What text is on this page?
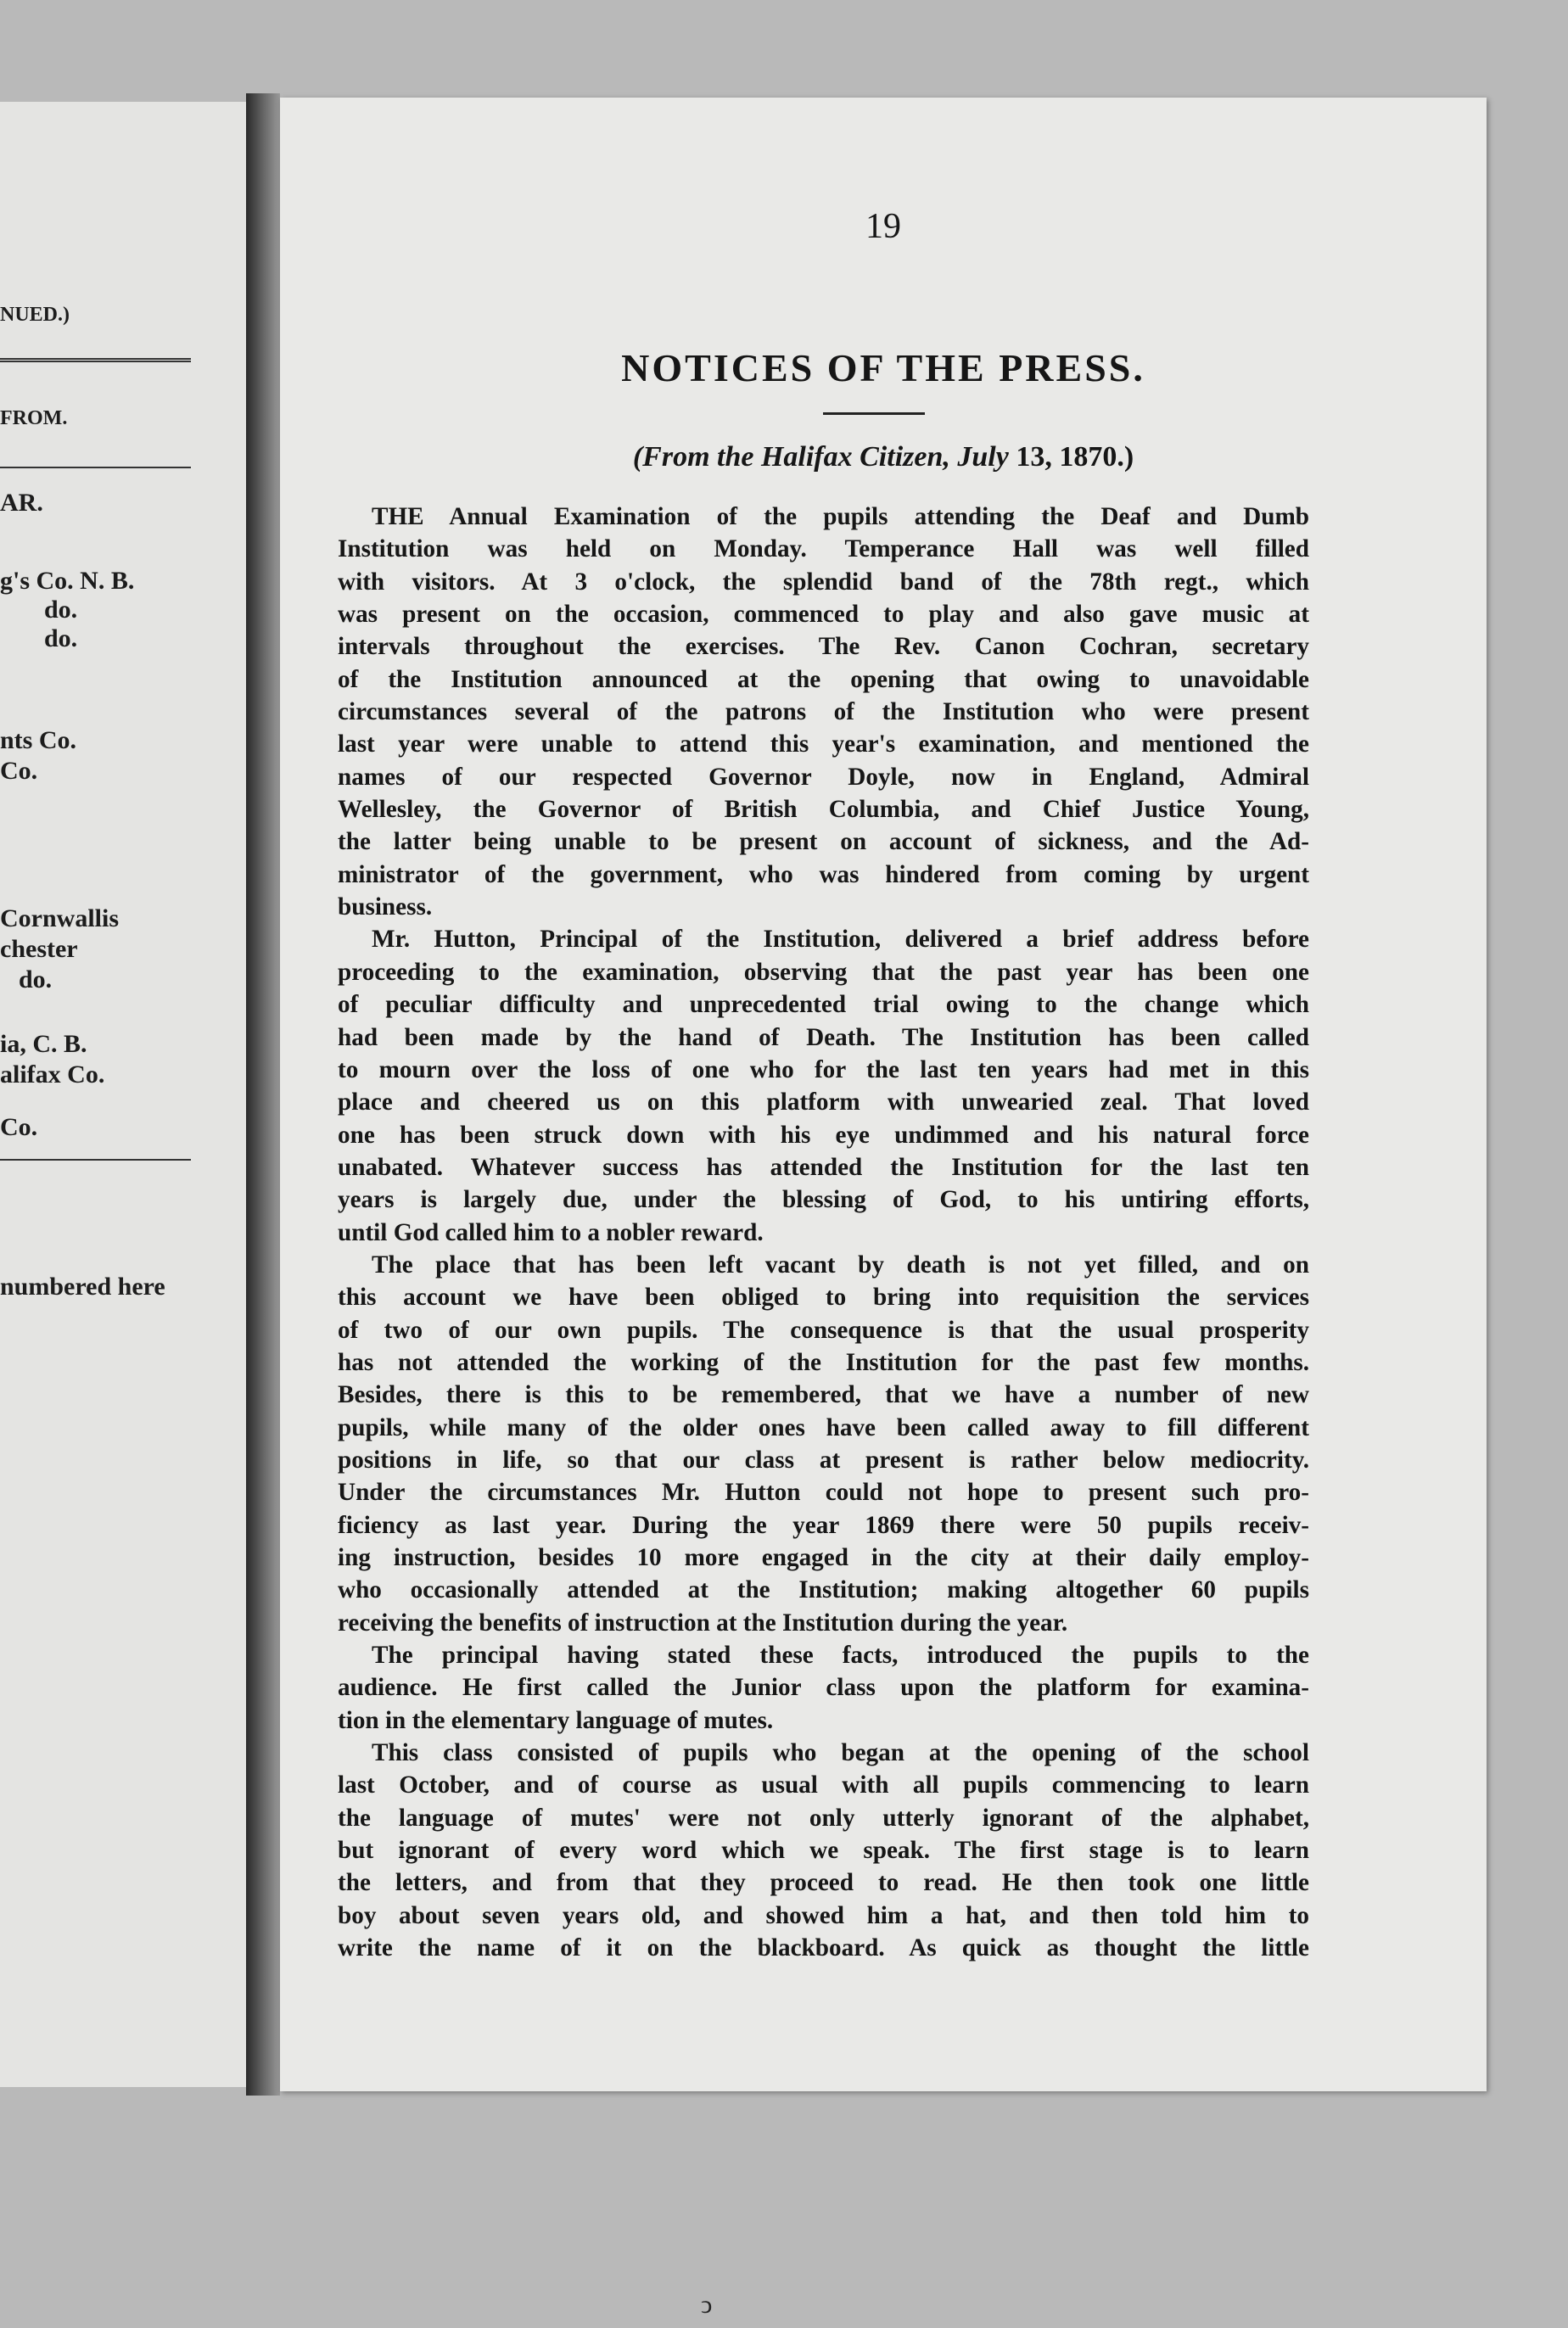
NUED.)
FROM.
AR.
g's Co. N. B.
do.
do.
nts Co.
Co.
Cornwallis
chester
do.
ia, C. B.
alifax Co.
Co.
numbered here
19
NOTICES OF THE PRESS.
(From the Halifax Citizen, July 13, 1870.)
THE Annual Examination of the pupils attending the Deaf and Dumb
Institution was held on Monday. Temperance Hall was well filled
with visitors. At 3 o'clock, the splendid band of the 78th regt., which
was present on the occasion, commenced to play and also gave music at
intervals throughout the exercises. The Rev. Canon Cochran, secretary
of the Institution announced at the opening that owing to unavoidable
circumstances several of the patrons of the Institution who were present
last year were unable to attend this year's examination, and mentioned the
names of our respected Governor Doyle, now in England, Admiral
Wellesley, the Governor of British Columbia, and Chief Justice Young,
the latter being unable to be present on account of sickness, and the Ad-
ministrator of the government, who was hindered from coming by urgent
business.
Mr. Hutton, Principal of the Institution, delivered a brief address before
proceeding to the examination, observing that the past year has been one
of peculiar difficulty and unprecedented trial owing to the change which
had been made by the hand of Death. The Institution has been called
to mourn over the loss of one who for the last ten years had met in this
place and cheered us on this platform with unwearied zeal. That loved
one has been struck down with his eye undimmed and his natural force
unabated. Whatever success has attended the Institution for the last ten
years is largely due, under the blessing of God, to his untiring efforts,
until God called him to a nobler reward.
The place that has been left vacant by death is not yet filled, and on
this account we have been obliged to bring into requisition the services
of two of our own pupils. The consequence is that the usual prosperity
has not attended the working of the Institution for the past few months.
Besides, there is this to be remembered, that we have a number of new
pupils, while many of the older ones have been called away to fill different
positions in life, so that our class at present is rather below mediocrity.
Under the circumstances Mr. Hutton could not hope to present such pro-
ficiency as last year. During the year 1869 there were 50 pupils receiv-
ing instruction, besides 10 more engaged in the city at their daily employ-
who occasionally attended at the Institution; making altogether 60 pupils
receiving the benefits of instruction at the Institution during the year.
The principal having stated these facts, introduced the pupils to the
audience. He first called the Junior class upon the platform for examina-
tion in the elementary language of mutes.
This class consisted of pupils who began at the opening of the school
last October, and of course as usual with all pupils commencing to learn
the language of mutes' were not only utterly ignorant of the alphabet,
but ignorant of every word which we speak. The first stage is to learn
the letters, and from that they proceed to read. He then took one little
boy about seven years old, and showed him a hat, and then told him to
write the name of it on the blackboard. As quick as thought the little
ↄ
